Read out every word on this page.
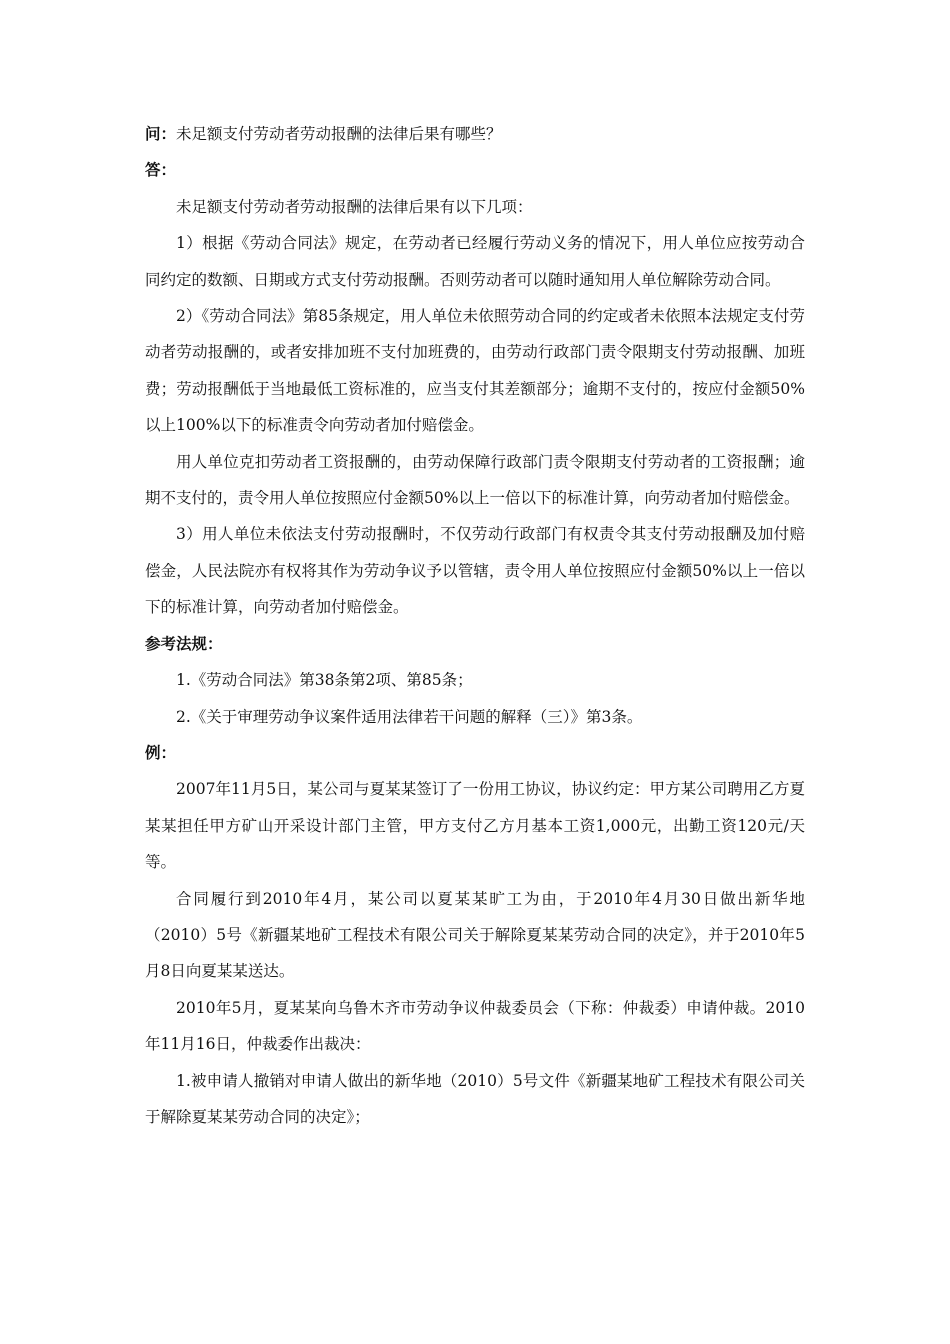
问：未足额支付劳动者劳动报酬的法律后果有哪些？
答：

未足额支付劳动者劳动报酬的法律后果有以下几项：

1）根据《劳动合同法》规定，在劳动者已经履行劳动义务的情况下，用人单位应按劳动合同约定的数额、日期或方式支付劳动报酬。否则劳动者可以随时通知用人单位解除劳动合同。

2）《劳动合同法》第85条规定，用人单位未依照劳动合同的约定或者未依照本法规定支付劳动者劳动报酬的，或者安排加班不支付加班费的，由劳动行政部门责令限期支付劳动报酬、加班费；劳动报酬低于当地最低工资标准的，应当支付其差额部分；逾期不支付的，按应付金额50%以上100%以下的标准责令向劳动者加付赔偿金。

用人单位克扣劳动者工资报酬的，由劳动保障行政部门责令限期支付劳动者的工资报酬；逾期不支付的，责令用人单位按照应付金额50%以上一倍以下的标准计算，向劳动者加付赔偿金。

3）用人单位未依法支付劳动报酬时，不仅劳动行政部门有权责令其支付劳动报酬及加付赔偿金，人民法院亦有权将其作为劳动争议予以管辖，责令用人单位按照应付金额50%以上一倍以下的标准计算，向劳动者加付赔偿金。

参考法规：

1.《劳动合同法》第38条第2项、第85条；

2.《关于审理劳动争议案件适用法律若干问题的解释（三）》第3条。

例：

2007年11月5日，某公司与夏某某签订了一份用工协议，协议约定：甲方某公司聘用乙方夏某某担任甲方矿山开采设计部门主管，甲方支付乙方月基本工资1,000元，出勤工资120元/天等。

合同履行到2010年4月，某公司以夏某某旷工为由，于2010年4月30日做出新华地（2010）5号《新疆某地矿工程技术有限公司关于解除夏某某劳动合同的决定》，并于2010年5月8日向夏某某送达。

2010年5月，夏某某向乌鲁木齐市劳动争议仲裁委员会（下称：仲裁委）申请仲裁。2010年11月16日，仲裁委作出裁决：

1.被申请人撤销对申请人做出的新华地（2010）5号文件《新疆某地矿工程技术有限公司关于解除夏某某劳动合同的决定》；
